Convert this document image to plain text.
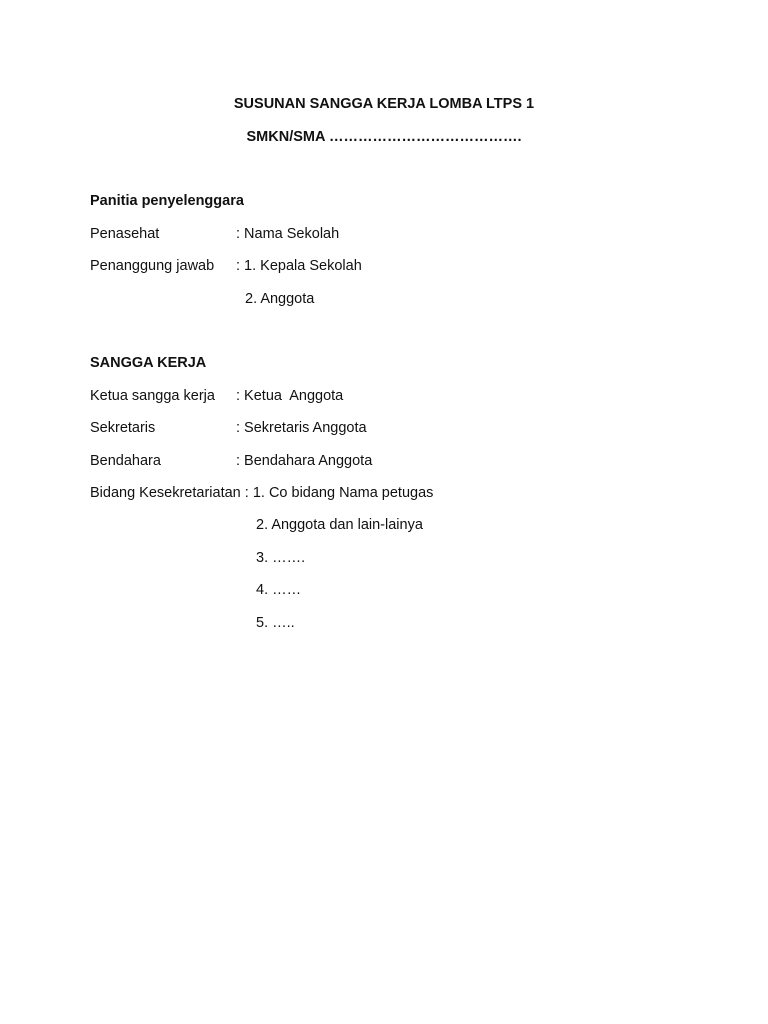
SUSUNAN SANGGA KERJA LOMBA LTPS 1
SMKN/SMA ………………………………….
Panitia penyelenggara
Penasehat	: Nama Sekolah
Penanggung jawab : 1. Kepala Sekolah
2. Anggota
SANGGA KERJA
Ketua sangga kerja : Ketua  Anggota
Sekretaris	: Sekretaris Anggota
Bendahara	: Bendahara Anggota
Bidang Kesekretariatan : 1. Co bidang Nama petugas
2. Anggota dan lain-lainya
3. …….
4. ……
5. …..
